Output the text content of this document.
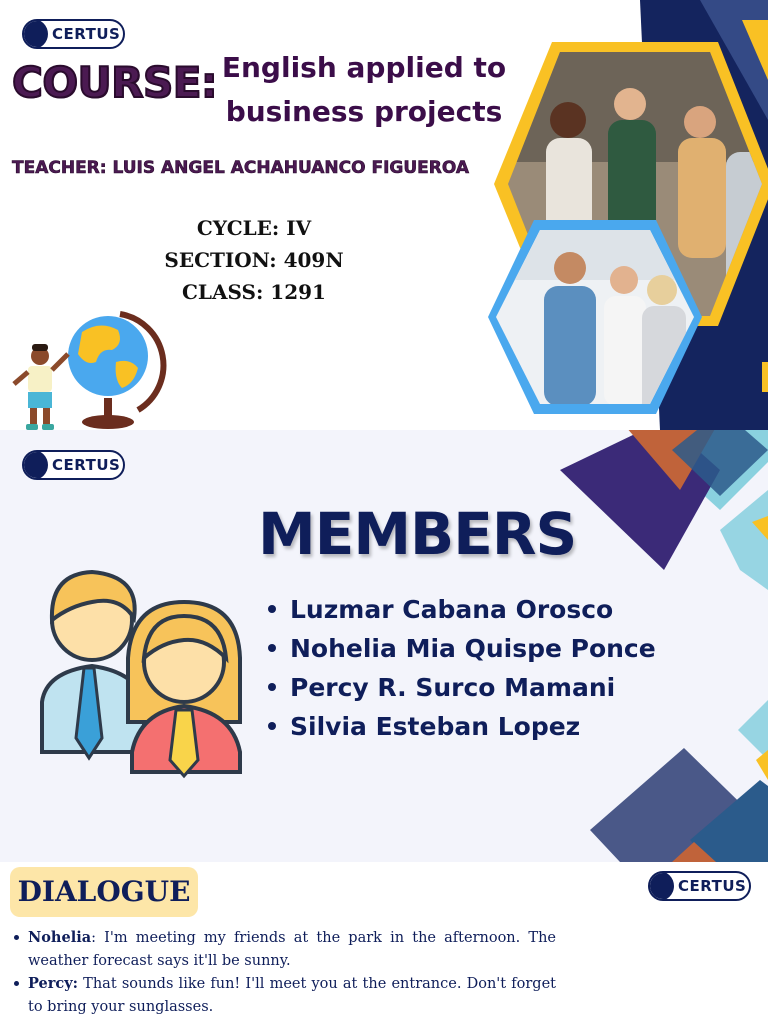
CERTUS
COURSE: English applied to
business projects
TEACHER: LUIS ANGEL ACHAHUANCO FIGUEROA
CYCLE: IV
SECTION: 409N
CLASS: 1291
CERTUS
MEMBERS
Luzmar Cabana Orosco
Nohelia Mia Quispe Ponce
Percy R. Surco Mamani
Silvia Esteban Lopez
DIALOGUE	CERTUS
Nohelia: I'm meeting my friends at the park in the afternoon. The weather forecast says it'll be sunny.
Percy: That sounds like fun! I'll meet you at the entrance. Don't forget to bring your sunglasses.
